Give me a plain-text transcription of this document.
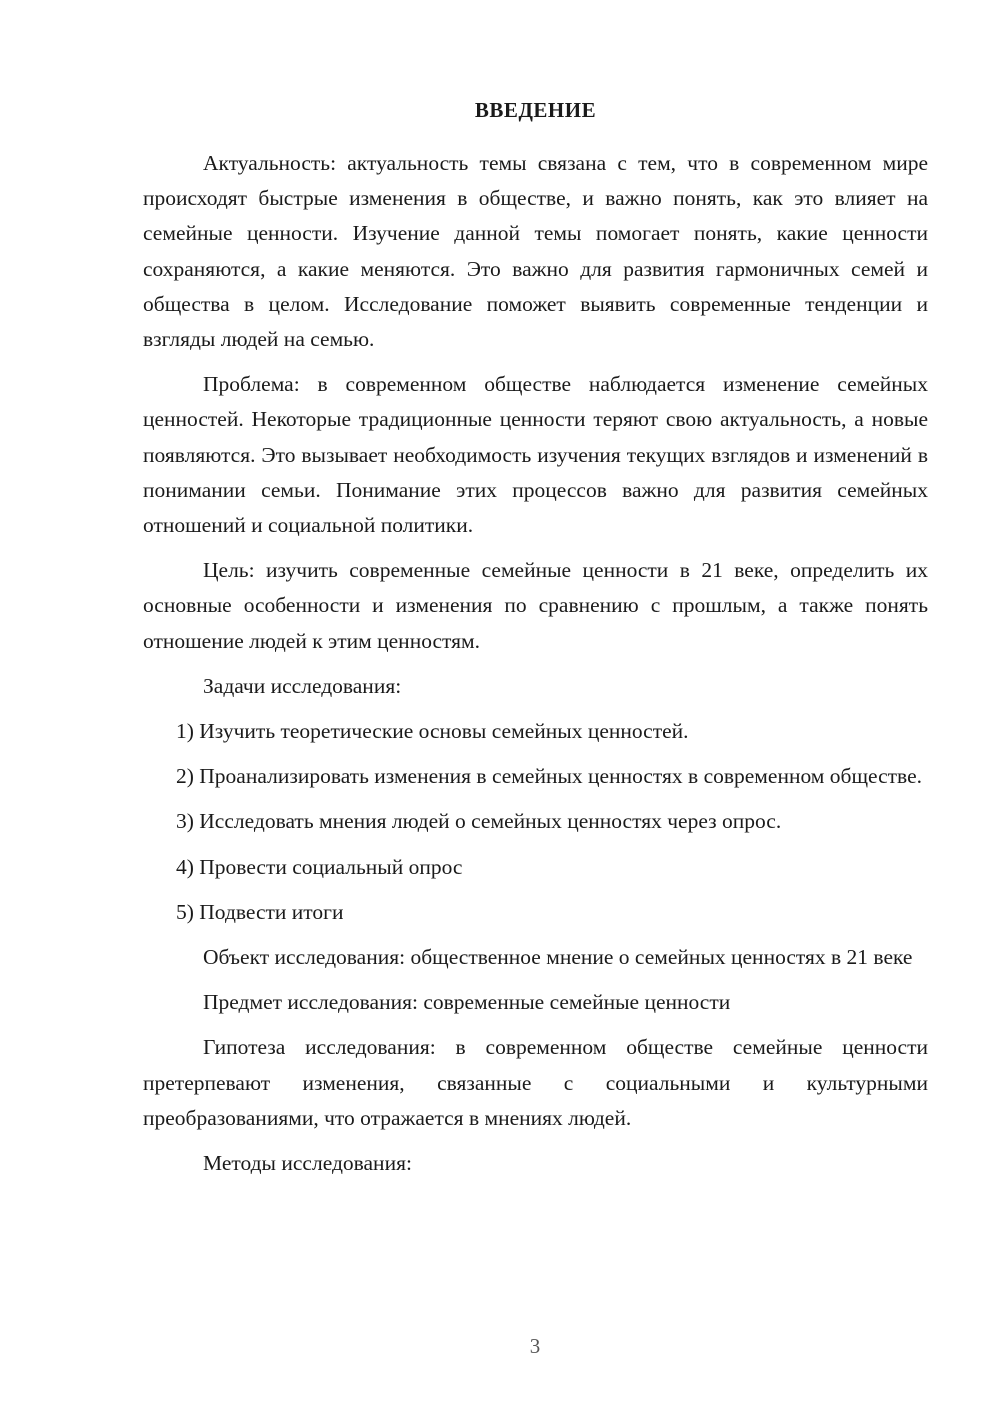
ВВЕДЕНИЕ

Актуальность: актуальность темы связана с тем, что в современном мире происходят быстрые изменения в обществе, и важно понять, как это влияет на семейные ценности. Изучение данной темы помогает понять, какие ценности сохраняются, а какие меняются. Это важно для развития гармоничных семей и общества в целом. Исследование поможет выявить современные тенденции и взгляды людей на семью.

Проблема: в современном обществе наблюдается изменение семейных ценностей. Некоторые традиционные ценности теряют свою актуальность, а новые появляются. Это вызывает необходимость изучения текущих взглядов и изменений в понимании семьи. Понимание этих процессов важно для развития семейных отношений и социальной политики.

Цель: изучить современные семейные ценности в 21 веке, определить их основные особенности и изменения по сравнению с прошлым, а также понять отношение людей к этим ценностям.

Задачи исследования:

1) Изучить теоретические основы семейных ценностей.

2) Проанализировать изменения в семейных ценностях в современном обществе.

3) Исследовать мнения людей о семейных ценностях через опрос.

4) Провести социальный опрос

5) Подвести итоги

Объект исследования: общественное мнение о семейных ценностях в 21 веке

Предмет исследования: современные семейные ценности

Гипотеза исследования: в современном обществе семейные ценности претерпевают изменения, связанные с социальными и культурными преобразованиями, что отражается в мнениях людей.

Методы исследования:

3
